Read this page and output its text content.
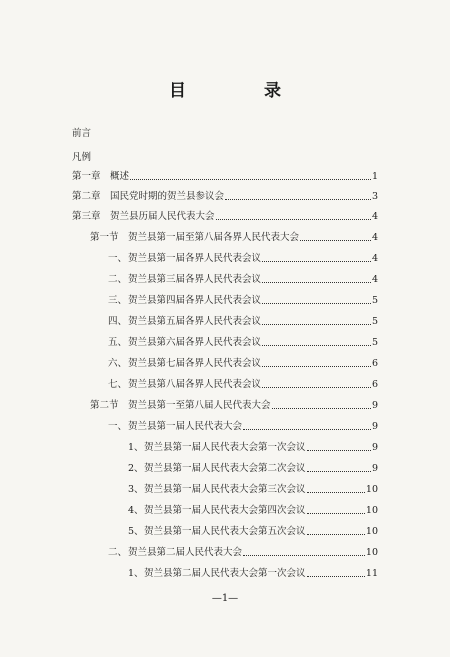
目 录
前言
凡例
第一章 概述	1
第二章 国民党时期的贺兰县参议会	3
第三章 贺兰县历届人民代表大会	4
第一节 贺兰县第一届至第八届各界人民代表大会	4
一、贺兰县第一届各界人民代表会议	4
二、贺兰县第三届各界人民代表会议	4
三、贺兰县第四届各界人民代表会议	5
四、贺兰县第五届各界人民代表会议	5
五、贺兰县第六届各界人民代表会议	5
六、贺兰县第七届各界人民代表会议	6
七、贺兰县第八届各界人民代表会议	6
第二节 贺兰县第一至第八届人民代表大会	9
一、贺兰县第一届人民代表大会	9
1、贺兰县第一届人民代表大会第一次会议	9
2、贺兰县第一届人民代表大会第二次会议	9
3、贺兰县第一届人民代表大会第三次会议	10
4、贺兰县第一届人民代表大会第四次会议	10
5、贺兰县第一届人民代表大会第五次会议	10
二、贺兰县第二届人民代表大会	10
1、贺兰县第二届人民代表大会第一次会议	11
—1—
